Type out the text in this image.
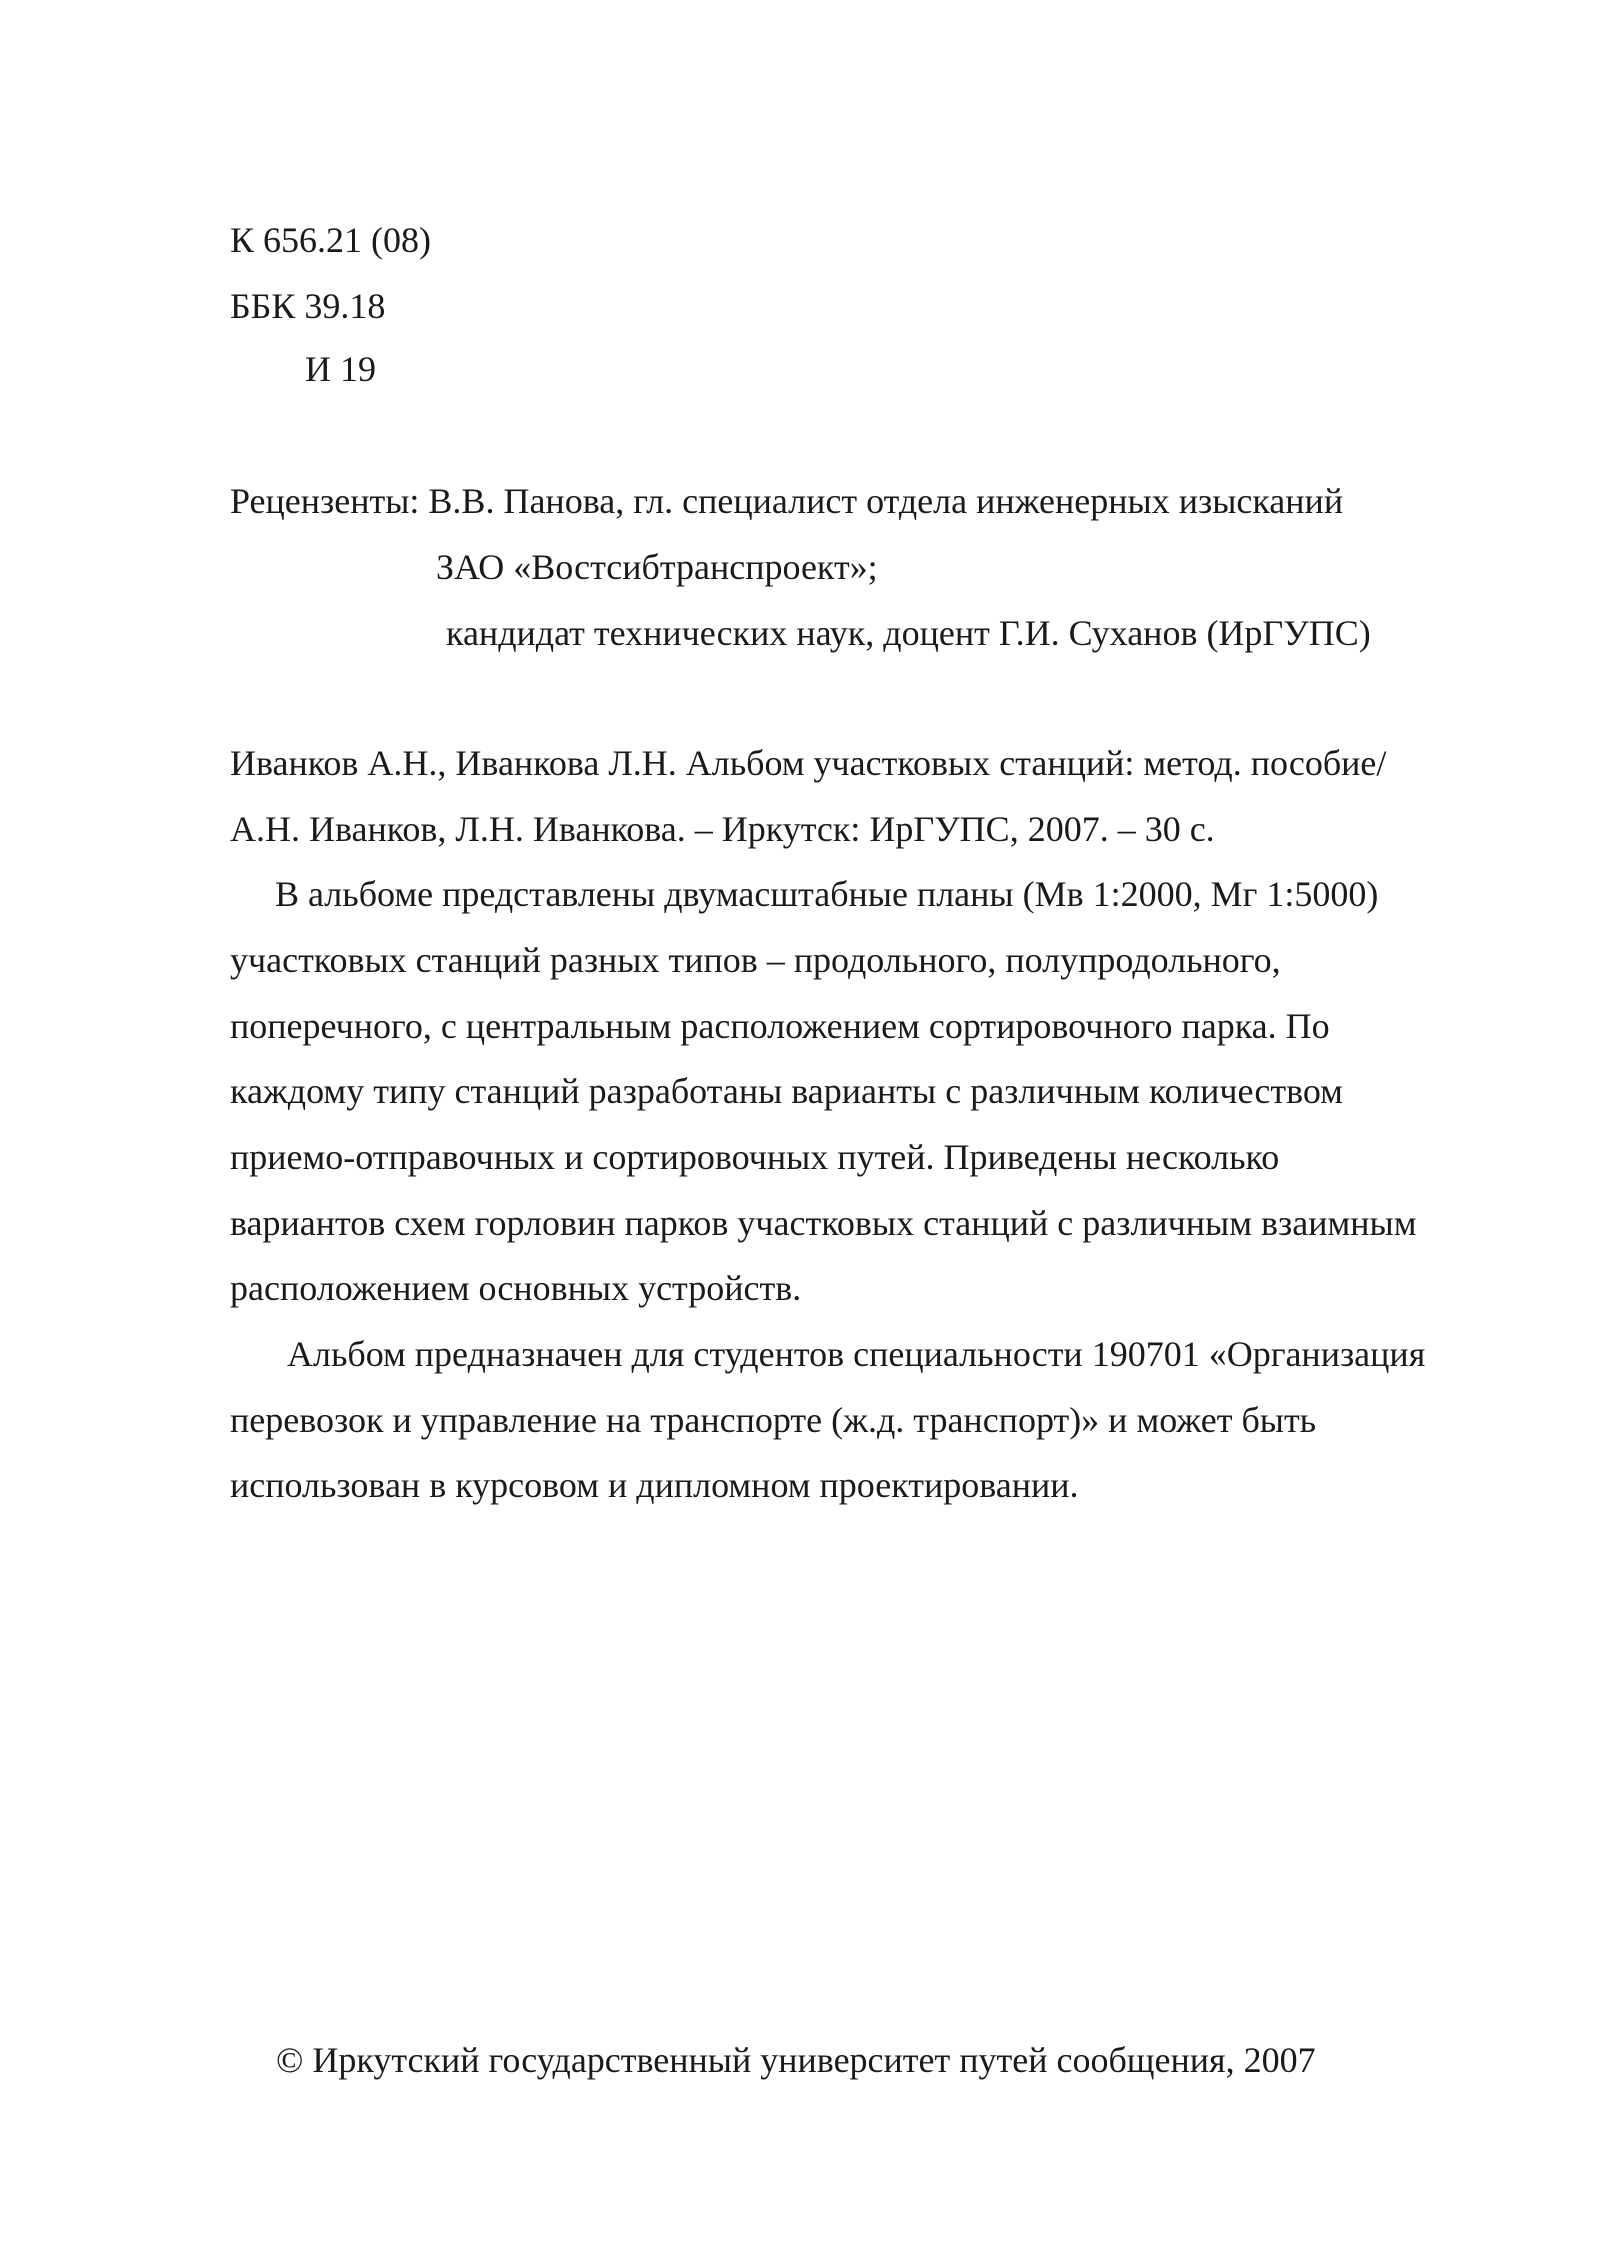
К 656.21 (08)

ББК 39.18

И 19

Рецензенты: В.В. Панова, гл. специалист отдела инженерных изысканий

ЗАО «Востсибтранспроект»;

кандидат технических наук, доцент Г.И. Суханов (ИрГУПС)

Иванков А.Н., Иванкова Л.Н. Альбом участковых станций: метод. пособие/

А.Н. Иванков, Л.Н. Иванкова. – Иркутск: ИрГУПС, 2007. – 30 с.

В альбоме представлены двумасштабные планы (Мв 1:2000, Мг 1:5000)

участковых станций разных типов – продольного, полупродольного,

поперечного, с центральным расположением сортировочного парка. По

каждому типу станций разработаны варианты с различным количеством

приемо-отправочных и сортировочных путей. Приведены несколько

вариантов схем горловин парков участковых станций с различным взаимным

расположением основных устройств.

Альбом предназначен для студентов специальности 190701 «Организация

перевозок и управление на транспорте (ж.д. транспорт)» и может быть

использован в курсовом и дипломном проектировании.

© Иркутский государственный университет путей сообщения, 2007
